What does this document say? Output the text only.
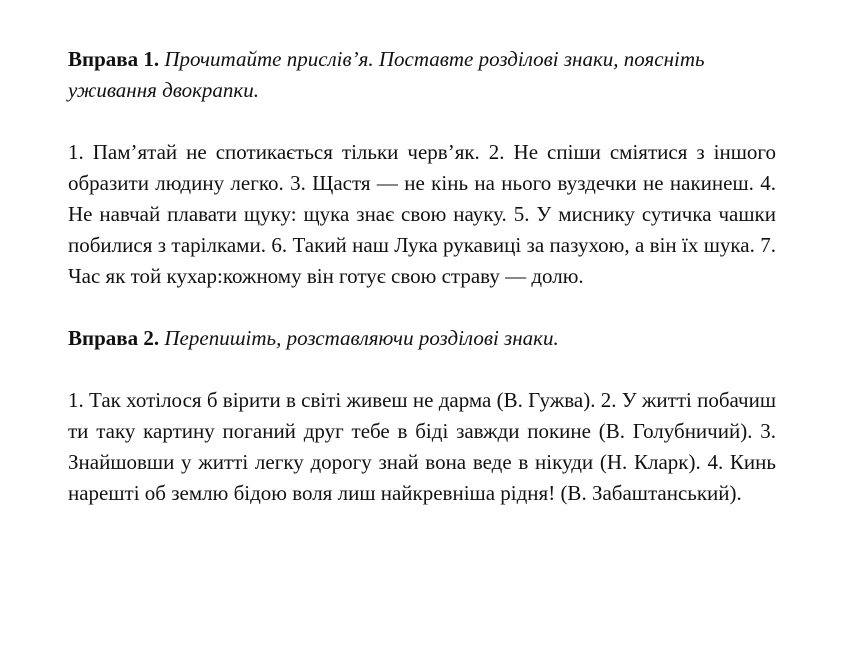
Вправа 1. Прочитайте прислів’я. Поставте розділові знаки, поясніть уживання двокрапки.

1. Пам’ятай не спотикається тільки черв’як. 2. Не спіши сміятися з іншого образити людину легко. 3. Щастя — не кінь на нього вуздечки не накинеш. 4. Не навчай плавати щуку: щука знає свою науку. 5. У миснику сутичка чашки побилися з тарілками. 6. Такий наш Лука рукавиці за пазухою, а він їх шука. 7. Час як той кухар:кожному він готує свою страву — долю.

Вправа 2. Перепишіть, розставляючи розділові знаки.

1. Так хотілося б вірити в світі живеш не дарма (В. Гужва). 2. У житті побачиш ти таку картину поганий друг тебе в біді завжди покине (В. Голубничий). 3. Знайшовши у житті легку дорогу знай вона веде в нікуди (Н. Кларк). 4. Кинь нарешті об землю бідою воля лиш найкревніша рідня! (В. Забаштанський).
